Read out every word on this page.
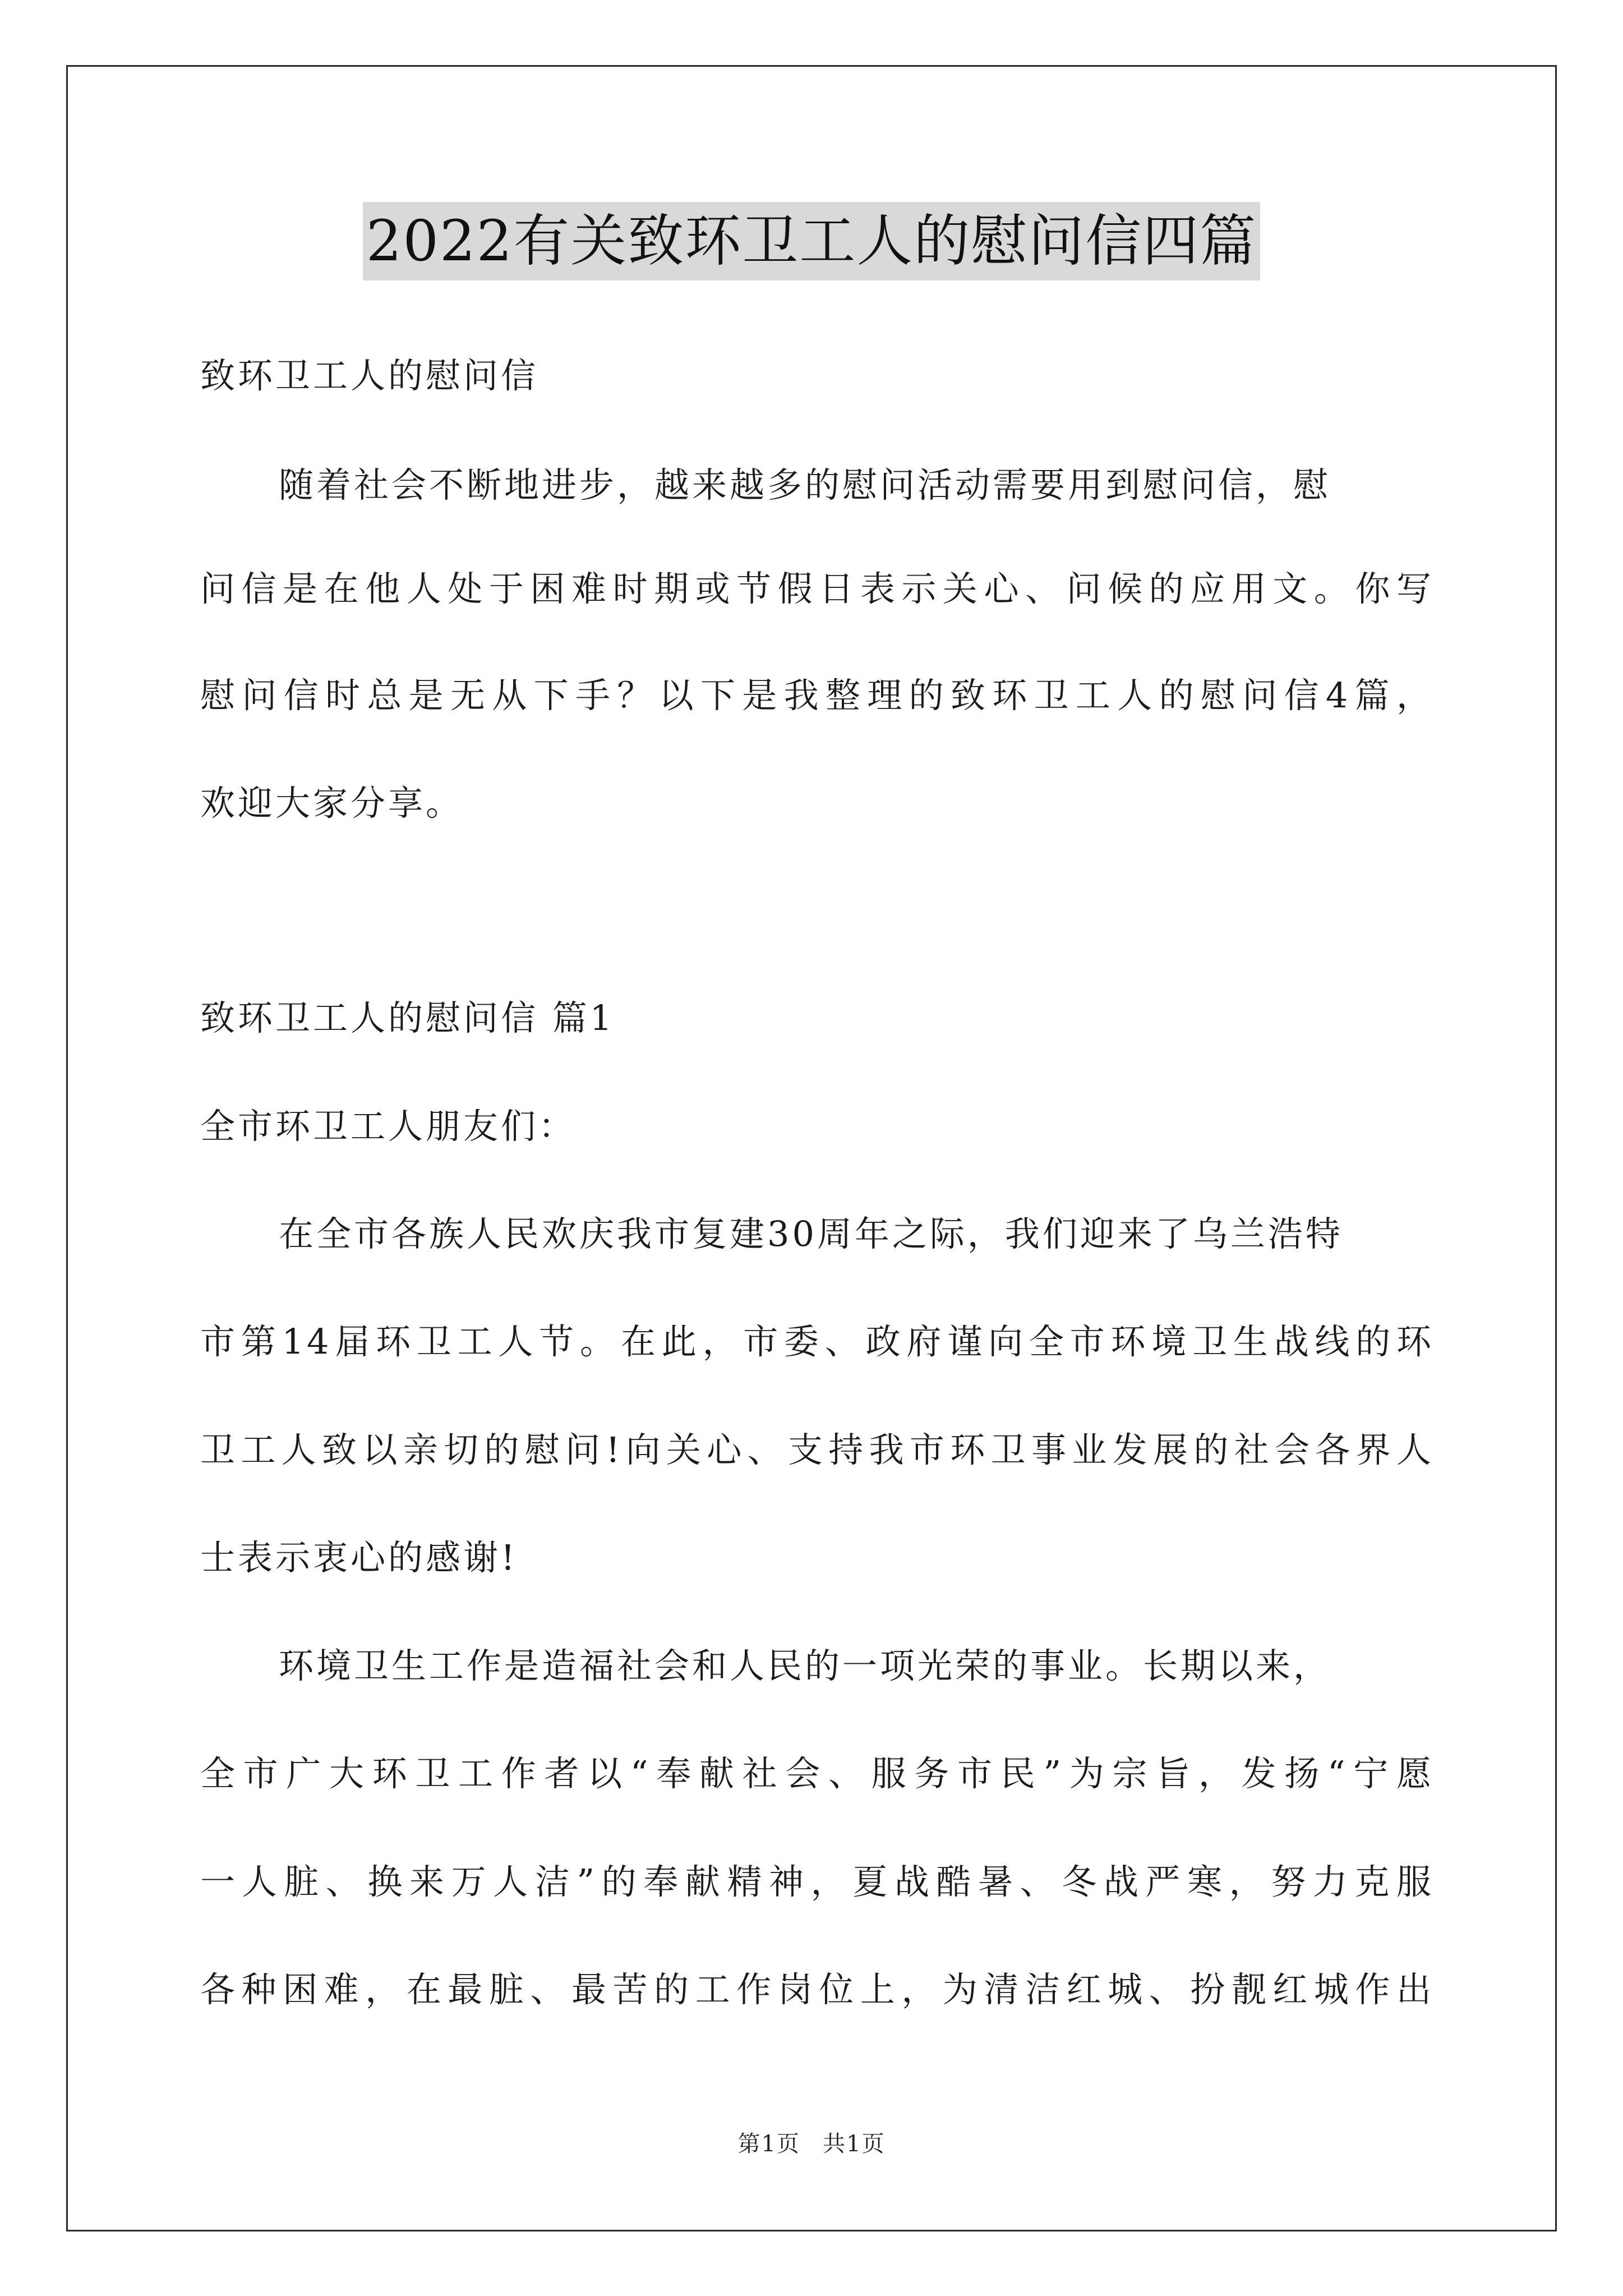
2022有关致环卫工人的慰问信四篇
致环卫工人的慰问信
随着社会不断地进步，越来越多的慰问活动需要用到慰问信，慰
问信是在他人处于困难时期或节假日表示关心、问候的应用文。你写
慰问信时总是无从下手？以下是我整理的致环卫工人的慰问信4篇，
欢迎大家分享。
致环卫工人的慰问信 篇1
全市环卫工人朋友们：
在全市各族人民欢庆我市复建30周年之际，我们迎来了乌兰浩特
市第14届环卫工人节。在此，市委、政府谨向全市环境卫生战线的环
卫工人致以亲切的慰问!向关心、支持我市环卫事业发展的社会各界人
士表示衷心的感谢!
环境卫生工作是造福社会和人民的一项光荣的事业。长期以来，
全市广大环卫工作者以“奉献社会、服务市民”为宗旨，发扬“宁愿
一人脏、换来万人洁”的奉献精神，夏战酷暑、冬战严寒，努力克服
各种困难，在最脏、最苦的工作岗位上，为清洁红城、扮靓红城作出
第1页 共1页
